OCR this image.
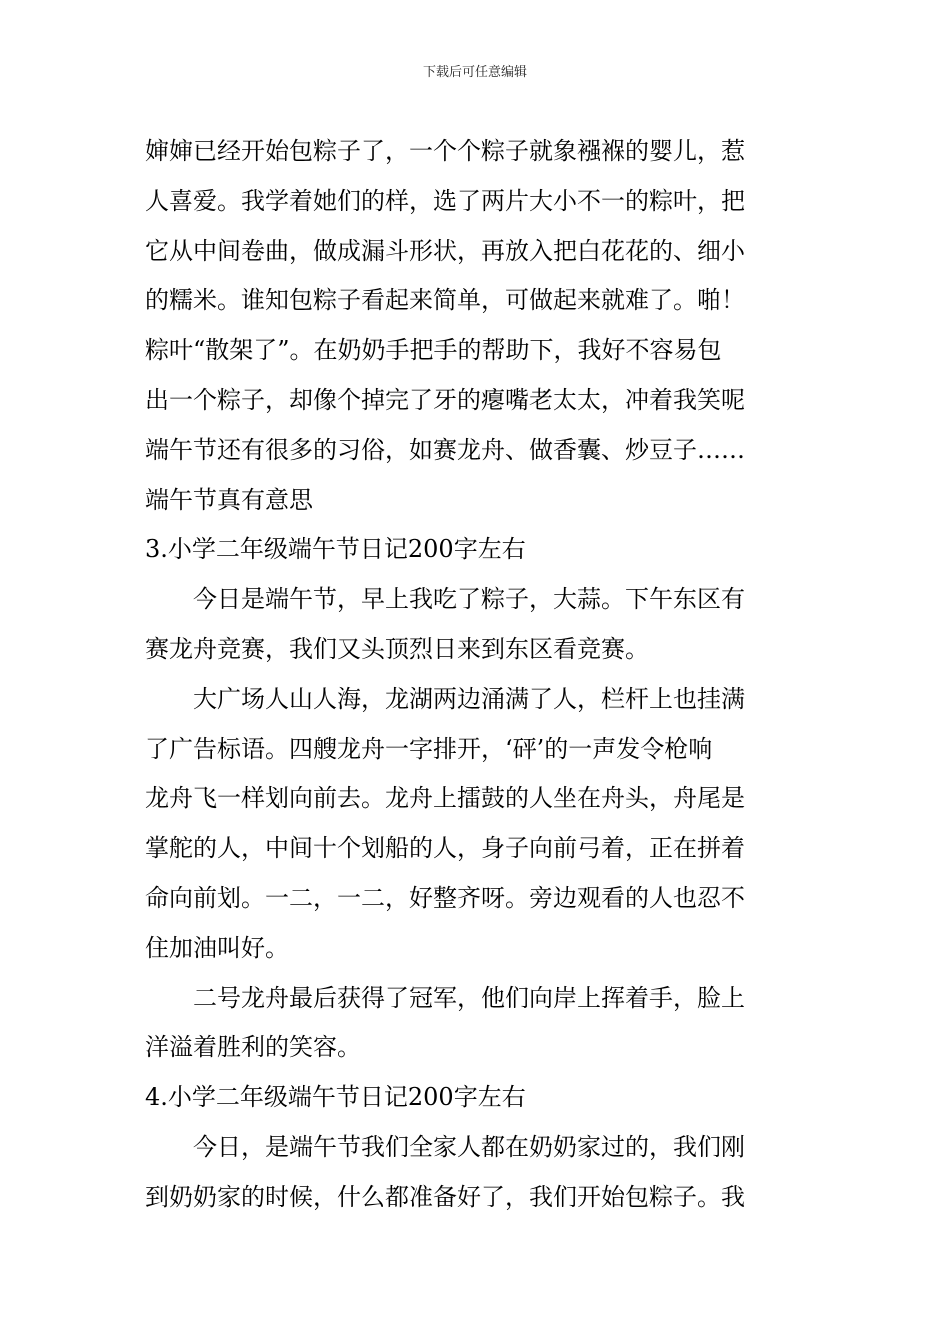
下载后可任意编辑
婶婶已经开始包粽子了，一个个粽子就象襁褓的婴儿，惹
人喜爱。我学着她们的样，选了两片大小不一的粽叶，把
它从中间卷曲，做成漏斗形状，再放入把白花花的、细小
的糯米。谁知包粽子看起来简单，可做起来就难了。啪！
粽叶“散架了”。在奶奶手把手的帮助下，我好不容易包
出一个粽子，却像个掉完了牙的瘪嘴老太太，冲着我笑呢
端午节还有很多的习俗，如赛龙舟、做香囊、炒豆子……
端午节真有意思
3.小学二年级端午节日记200字左右
今日是端午节，早上我吃了粽子，大蒜。下午东区有
赛龙舟竞赛，我们又头顶烈日来到东区看竞赛。
大广场人山人海，龙湖两边涌满了人，栏杆上也挂满
了广告标语。四艘龙舟一字排开，‘砰’的一声发令枪响
龙舟飞一样划向前去。龙舟上擂鼓的人坐在舟头，舟尾是
掌舵的人，中间十个划船的人，身子向前弓着，正在拼着
命向前划。一二，一二，好整齐呀。旁边观看的人也忍不
住加油叫好。
二号龙舟最后获得了冠军，他们向岸上挥着手，脸上
洋溢着胜利的笑容。
4.小学二年级端午节日记200字左右
今日，是端午节我们全家人都在奶奶家过的，我们刚
到奶奶家的时候，什么都准备好了，我们开始包粽子。我
